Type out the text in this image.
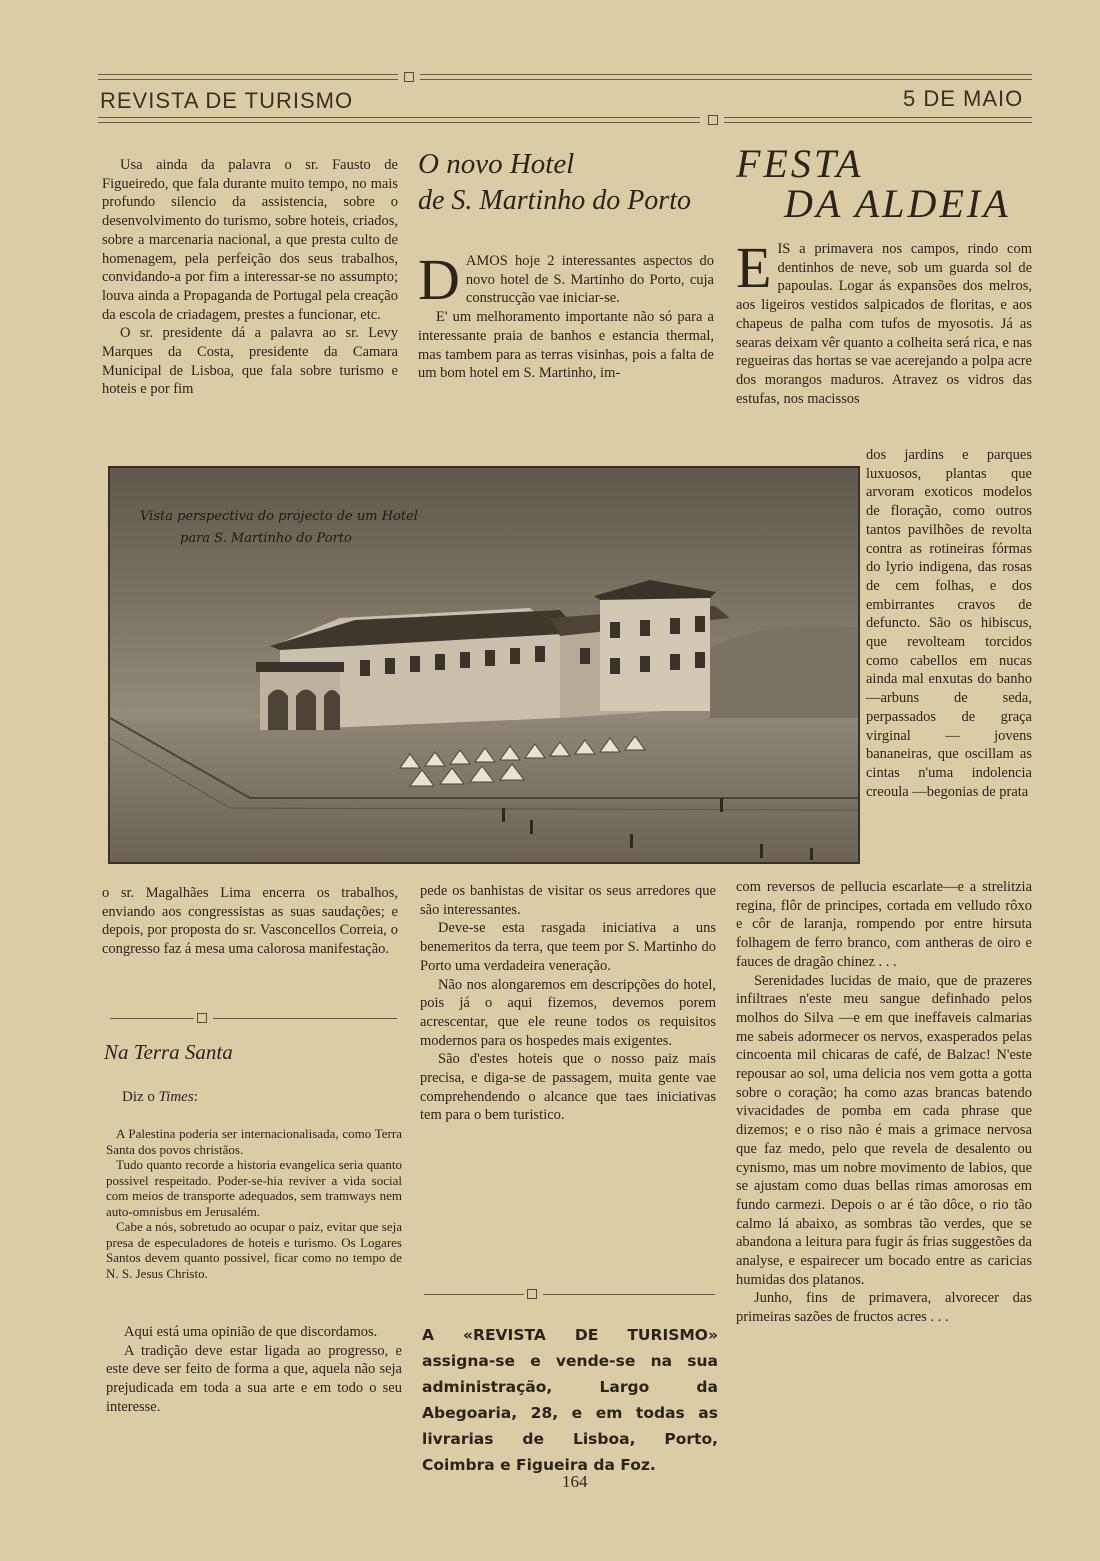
REVISTA DE TURISMO	5 DE MAIO

Usa ainda da palavra o sr. Fausto de Figueiredo, que fala durante muito tempo, no mais profundo silencio da assistencia, sobre o desenvolvimento do turismo, sobre hoteis, criados, sobre a marcenaria nacional, a que presta culto de homenagem, pela perfeição dos seus trabalhos, convidando-a por fim a interessar-se no assumpto; louva ainda a Propaganda de Portugal pela creação da escola de criadagem, prestes a funcionar, etc.

O sr. presidente dá a palavra ao sr. Levy Marques da Costa, presidente da Camara Municipal de Lisboa, que fala sobre turismo e hoteis e por fim

O novo Hotel
de S. Martinho do Porto

DAMOS hoje 2 interessantes aspectos do novo hotel de S. Martinho do Porto, cuja construcção vae iniciar-se.

E' um melhoramento importante não só para a interessante praia de banhos e estancia thermal, mas tambem para as terras visinhas, pois a falta de um bom hotel em S. Martinho, im-

FESTA
DA ALDEIA

EIS a primavera nos campos, rindo com dentinhos de neve, sob um guarda sol de papoulas. Logar ás expansões dos melros, aos ligeiros vestidos salpicados de floritas, e aos chapeus de palha com tufos de myosotis. Já as searas deixam vêr quanto a colheita será rica, e nas regueiras das hortas se vae acerejando a polpa acre dos morangos maduros. Atravez os vidros das estufas, nos macissos

dos jardins e parques luxuosos, plantas que arvoram exoticos modelos de floração, como outros tantos pavilhões de revolta contra as rotineiras fórmas do lyrio indigena, das rosas de cem folhas, e dos embirrantes cravos de defuncto. São os hibiscus, que revolteam torcidos como cabellos em nucas ainda mal enxutas do banho—arbuns de seda, perpassados de graça virginal — jovens bananeiras, que oscillam as cintas n'uma indolencia creoula —begonias de prata

Vista perspectiva do projecto de um Hotel
para S. Martinho do Porto

o sr. Magalhães Lima encerra os trabalhos, enviando aos congressistas as suas saudações; e depois, por proposta do sr. Vasconcellos Correia, o congresso faz á mesa uma calorosa manifestação.

Na Terra Santa
Diz o Times:

A Palestina poderia ser internacionalisada, como Terra Santa dos povos christãos.

Tudo quanto recorde a historia evangelica seria quanto possivel respeitado. Poder-se-hia reviver a vida social com meios de transporte adequados, sem tramways nem auto-omnisbus em Jerusalém.

Cabe a nós, sobretudo ao ocupar o paiz, evitar que seja presa de especuladores de hoteis e turismo. Os Logares Santos devem quanto possivel, ficar como no tempo de N. S. Jesus Christo.

Aqui está uma opinião de que discordamos.

A tradição deve estar ligada ao progresso, e este deve ser feito de forma a que, aquela não seja prejudicada em toda a sua arte e em todo o seu interesse.

pede os banhistas de visitar os seus arredores que são interessantes.

Deve-se esta rasgada iniciativa a uns benemeritos da terra, que teem por S. Martinho do Porto uma verdadeira veneração.

Não nos alongaremos em descripções do hotel, pois já o aqui fizemos, devemos porem acrescentar, que ele reune todos os requisitos modernos para os hospedes mais exigentes.

São d'estes hoteis que o nosso paiz mais precisa, e diga-se de passagem, muita gente vae comprehendendo o alcance que taes iniciativas tem para o bem turistico.

A «REVISTA DE TURISMO» assigna-se e vende-se na sua administração, Largo da Abegoaria, 28, e em todas as livrarias de Lisboa, Porto, Coimbra e Figueira da Foz.

com reversos de pellucia escarlate—e a strelitzia regina, flôr de principes, cortada em velludo rôxo e côr de laranja, rompendo por entre hirsuta folhagem de ferro branco, com antheras de oiro e fauces de dragão chinez . . .

Serenidades lucidas de maio, que de prazeres infiltraes n'este meu sangue definhado pelos molhos do Silva —e em que ineffaveis calmarias me sabeis adormecer os nervos, exasperados pelas cincoenta mil chicaras de café, de Balzac! N'este repousar ao sol, uma delicia nos vem gotta a gotta sobre o coração; ha como azas brancas batendo vivacidades de pomba em cada phrase que dizemos; e o riso não é mais a grimace nervosa que faz medo, pelo que revela de desalento ou cynismo, mas um nobre movimento de labios, que se ajustam como duas bellas rimas amorosas em fundo carmezi. Depois o ar é tão dôce, o rio tão calmo lá abaixo, as sombras tão verdes, que se abandona a leitura para fugir ás frias suggestões da analyse, e espairecer um bocado entre as caricias humidas dos platanos.

Junho, fins de primavera, alvorecer das primeiras sazões de fructos acres . . .

164
